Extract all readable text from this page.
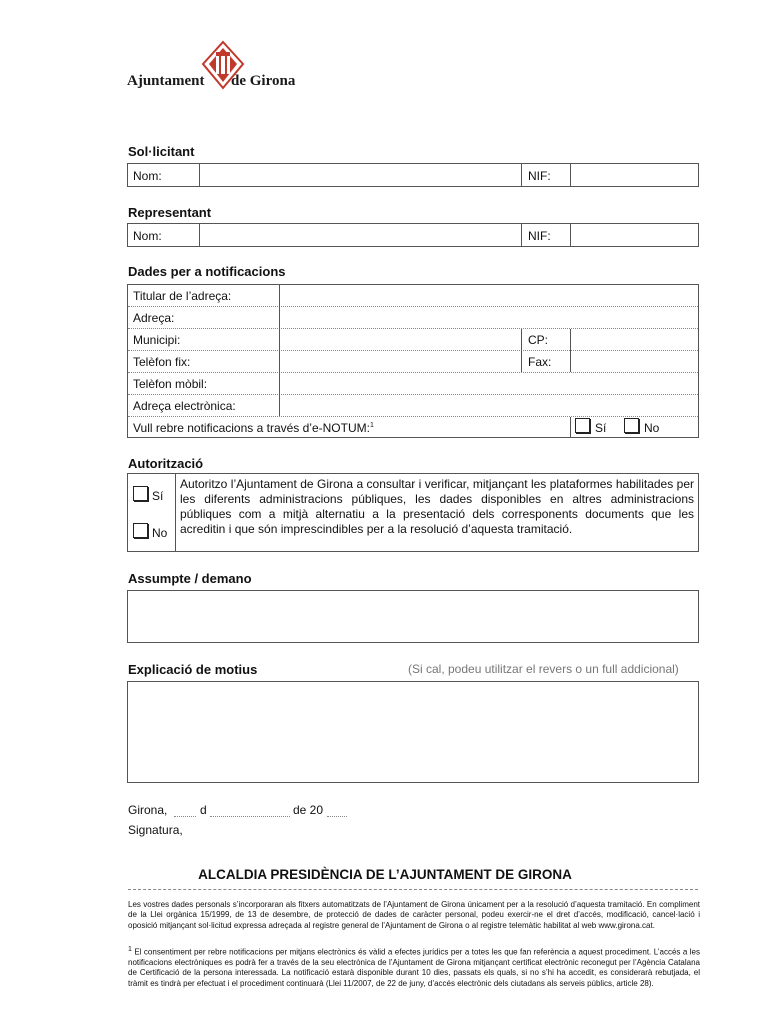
Ajuntament de Girona
Sol·licitant
Nom:	NIF:
Representant
Nom:	NIF:
Dades per a notificacions
Titular de l’adreça:
Adreça:
Municipi:	CP:
Telèfon fix:	Fax:
Telèfon mòbil:
Adreça electrònica:
Vull rebre notificacions a través d’e-NOTUM:$^1$	Sí	No
Autorització
Sí
No
Autoritzo l’Ajuntament de Girona a consultar i verificar, mitjançant les plataformes habilitades per les diferents administracions públiques, les dades disponibles en altres administracions públiques com a mitjà alternatiu a la presentació dels corresponents documents que les acreditin i que són imprescindibles per a la resolució d’aquesta tramitació.
Assumpte / demano
Explicació de motius	(Si cal, podeu utilitzar el revers o un full addicional)
Girona,	d	de 20
Signatura,
ALCALDIA PRESIDÈNCIA DE L’AJUNTAMENT DE GIRONA
Les vostres dades personals s’incorporaran als fitxers automatitzats de l’Ajuntament de Girona únicament per a la resolució d’aquesta tramitació. En compliment de la Llei orgànica 15/1999, de 13 de desembre, de protecció de dades de caràcter personal, podeu exercir-ne el dret d’accés, modificació, cancel·lació i oposició mitjançant sol·licitud expressa adreçada al registre general de l’Ajuntament de Girona o al registre telemàtic habilitat al web www.girona.cat.
$^1$ El consentiment per rebre notificacions per mitjans electrònics és vàlid a efectes jurídics per a totes les que fan referència a aquest procediment. L’accés a les notificacions electròniques es podrà fer a través de la seu electrònica de l’Ajuntament de Girona mitjançant certificat electrònic reconegut per l’Agència Catalana de Certificació de la persona interessada. La notificació estarà disponible durant 10 dies, passats els quals, si no s’hi ha accedit, es considerarà rebutjada, el tràmit es tindrà per efectuat i el procediment continuarà (Llei 11/2007, de 22 de juny, d’accés electrònic dels ciutadans als serveis públics, article 28).
